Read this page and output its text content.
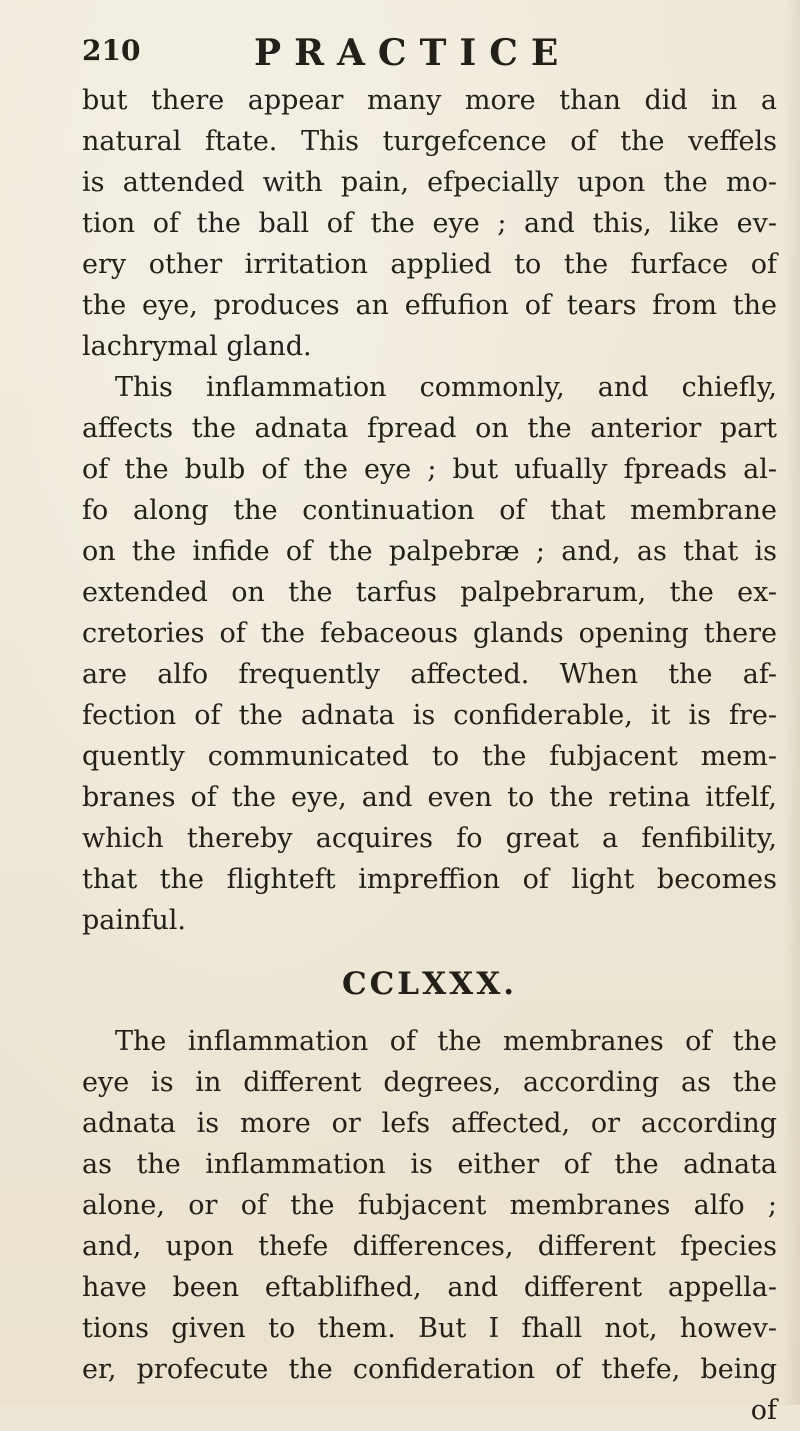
210	PRACTICE
but there appear many more than did in a
natural ftate. This turgefcence of the veffels
is attended with pain, efpecially upon the mo-
tion of the ball of the eye ; and this, like ev-
ery other irritation applied to the furface of
the eye, produces an effufion of tears from the
lachrymal gland.
This inflammation commonly, and chiefly,
affects the adnata fpread on the anterior part
of the bulb of the eye ; but ufually fpreads al-
fo along the continuation of that membrane
on the infide of the palpebræ ; and, as that is
extended on the tarfus palpebrarum, the ex-
cretories of the febaceous glands opening there
are alfo frequently affected. When the af-
fection of the adnata is confiderable, it is fre-
quently communicated to the fubjacent mem-
branes of the eye, and even to the retina itfelf,
which thereby acquires fo great a fenfibility,
that the flighteft impreffion of light becomes
painful.
CCLXXX.
The inflammation of the membranes of the
eye is in different degrees, according as the
adnata is more or lefs affected, or according
as the inflammation is either of the adnata
alone, or of the fubjacent membranes alfo ;
and, upon thefe differences, different fpecies
have been eftablifhed, and different appella-
tions given to them. But I fhall not, howev-
er, profecute the confideration of thefe, being
of
